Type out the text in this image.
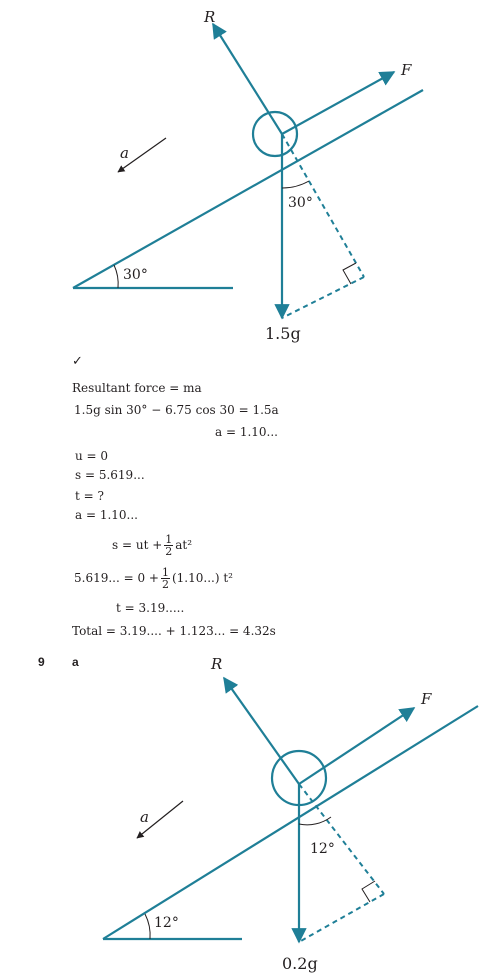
R
F
a
30°
30°
1.5g
✓
Resultant force = ma
1.5g sin 30° − 6.75 cos 30 = 1.5a
a = 1.10...
u = 0
s = 5.619...
t = ?
a = 1.10...
s = ut + $\frac{1}{2} at^2$
5.619... = $0 + \frac{1}{2} (1.10...)$ t²
t = 3.19.....
Total = 3.19.... + 1.123... = 4.32s
9 a	R
F
a
12°
12°
0.2g
